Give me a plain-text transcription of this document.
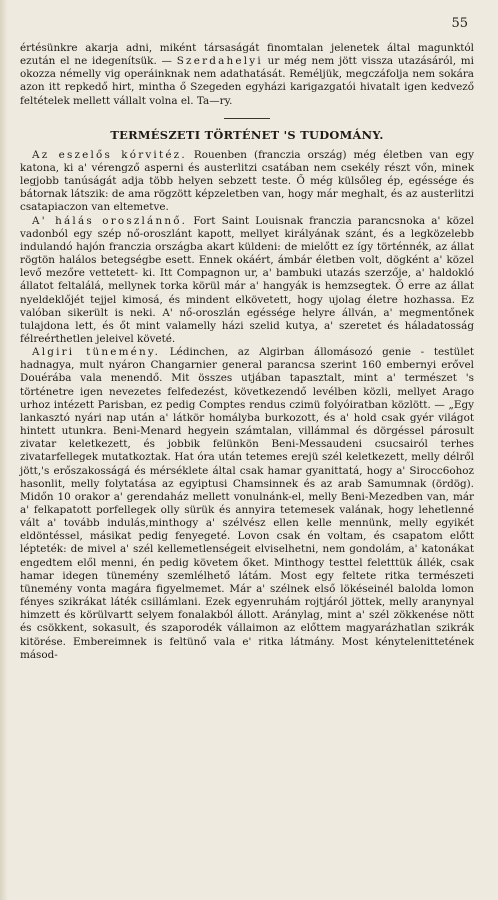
55

értésünkre akarja adni, miként társaságát finomtalan jelenetek által magunktól ezután el ne idegenítsük. — Szerdahelyi ur még nem jött vissza utazásáról, mi okozza némelly vig operáinknak nem adathatását. Reméljük, megczáfolja nem sokára azon itt repkedő hirt, mintha ő Szegeden egyházi karigazgatói hivatalt igen kedvező feltételek mellett vállalt volna el. Ta—ry.

TERMÉSZETI TÖRTÉNET 'S TUDOMÁNY.

Az eszelős kórvitéz. Rouenben (franczia ország) még életben van egy katona, ki a' vérengző asperni és austerlitzi csatában nem csekély részt vőn, minek legjobb tanúságát adja több helyen sebzett teste. Ő még külsőleg ép, egéssége és bátornak látszik: de ama rögzött képzeletben van, hogy már meghalt, és az austerlitzi csatapiaczon van eltemetve.

A' hálás oroszlánnő. Fort Saint Louisnak franczia parancsnoka a' közel vadonból egy szép nő-oroszlánt kapott, mellyet királyának szánt, és a legközelebb indulandó hajón franczia országba akart küldeni: de mielőtt ez így történnék, az állat rögtön halálos betegségbe esett. Ennek okáért, ámbár életben volt, dögként a' közel levő mezőre vettetett- ki. Itt Compagnon ur, a' bambuki utazás szerzője, a' haldokló állatot feltalálá, mellynek torka körül már a' hangyák is hemzsegtek. Ő erre az állat nyeldeklőjét tejjel kimosá, és mindent elkövetett, hogy ujolag életre hozhassa. Ez valóban sikerült is neki. A' nő-oroszlán egéssége helyre állván, a' megmentőnek tulajdona lett, és őt mint valamelly házi szelid kutya, a' szeretet és háladatosság félreérthetlen jeleivel követé.

Algiri tünemény. Lédinchen, az Algirban állomásozó genie - testület hadnagya, mult nyáron Changarnier general parancsa szerint 160 embernyi erővel Douérába vala menendő. Mit összes utjában tapasztalt, mint a' természet 's történetre igen nevezetes felfedezést, következendő levélben közli, mellyet Arago urhoz intézett Parisban, ez pedig Comptes rendus czimü folyóiratban közlött. — „Egy lankasztó nyári nap után a' látkör homályba burkozott, és a' hold csak gyér világot hintett utunkra. Beni-Menard hegyein számtalan, villámmal és dörgéssel párosult zivatar keletkezett, és jobbik felünkön Beni-Messaudeni csucsairól terhes zivatarfellegek mutatkoztak. Hat óra után tetemes erejü szél keletkezett, melly délről jött,'s erőszakosságá és mérséklete által csak hamar gyanittatá, hogy a' Sirocc6ohoz hasonlit, melly folytatása az egyiptusi Chamsinnek és az arab Samumnak (ördög). Midőn 10 orakor a' gerendaház mellett vonulnánk-el, melly Beni-Mezedben van, már a' felkapatott porfellegek olly sürük és annyira tetemesek valának, hogy lehetlenné vált a' tovább indulás,minthogy a' szélvész ellen kelle mennünk, melly egyikét eldöntéssel, másikat pedig fenyegeté. Lovon csak én voltam, és csapatom előtt lépteték: de mivel a' szél kellemetlenségeit elviselhetni, nem gondolám, a' katonákat engedtem elől menni, én pedig követem őket. Minthogy testtel feletttük állék, csak hamar idegen tünemény szemlélhető látám. Most egy feltete ritka természeti tünemény vonta magára figyelmemet. Már a' szélnek első lökéseinél balolda lomon fényes szikrákat láték csillámlani. Ezek egyenruhám rojtjáról jöttek, melly aranynyal himzett és körülvartt selyem fonalakból állott. Aránylag, mint a' szél zökkenése nött és csökkent, sokasult, és szaporodék vállaimon az előttem magyarázhatlan szikrák kitörése. Embereimnek is feltünő vala e' ritka látmány. Most kénytelenittetének másod-
